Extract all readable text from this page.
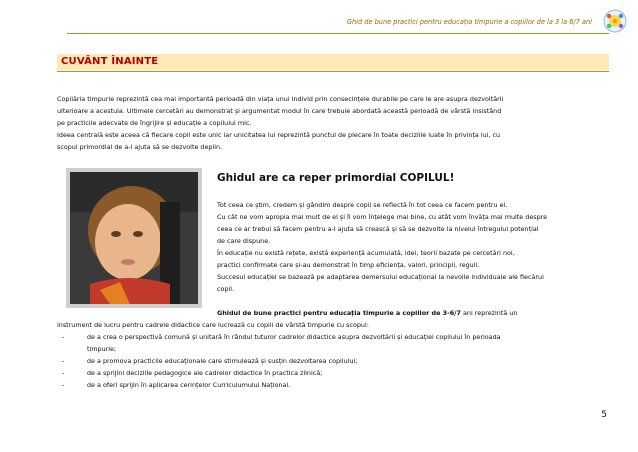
Ghid de bune practici pentru educația timpurie a copiilor de la 3 la 6/7 ani
CUVÂNT ÎNAINTE
Copilăria timpurie reprezintă cea mai importantă perioadă din viața unui individ prin consecințele durabile pe care le are asupra dezvoltării
ulterioare a acestuia. Ultimele cercetări au demonstrat și argumentat modul în care trebuie abordată această perioadă de vârstă insistând
pe practicile adecvate de îngrijire și educație a copilului mic.
Ideea centrală este aceea că fiecare copil este unic iar unicitatea lui reprezintă punctul de plecare în toate deciziile luate în privința lui, cu
scopul primordial de a-l ajuta să se dezvolte deplin.
Ghidul are ca reper primordial COPILUL!
Tot ceea ce știm, credem și gândim despre copil se reflectă în tot ceea ce facem pentru el.
Cu cât ne vom apropia mai mult de el și îl vom înțelege mai bine, cu atât vom învăța mai multe despre
ceea ce ar trebui să facem pentru a-l ajuta să crească și să se dezvolte la nivelul întregului potențial
de care dispune.
În educație nu există rețete, există experiență acumulată, idei, teorii bazate pe cercetări noi,
practici confirmate care și-au demonstrat în timp eficiența, valori, principii, reguli.
Succesul educației se bazează pe adaptarea demersului educațional la nevoile individuale ale fiecărui
copil.
Ghidul de bune practici pentru educația timpurie a copiilor de 3-6/7 ani reprezintă un
instrument de lucru pentru cadrele didactice care lucrează cu copiii de vârstă timpurie cu scopul:
-	de a crea o perspectivă comună și unitară în rândul tuturor cadrelor didactice asupra dezvoltării și educației copilului în perioada
timpurie;
-	de a promova practicile educaționale care stimulează și susțin dezvoltarea copilului;
-	de a sprijini deciziile pedagogice ale cadrelor didactice în practica zilnică;
-	de a oferi sprijin în aplicarea cerințelor Curriculumului Național.
5
